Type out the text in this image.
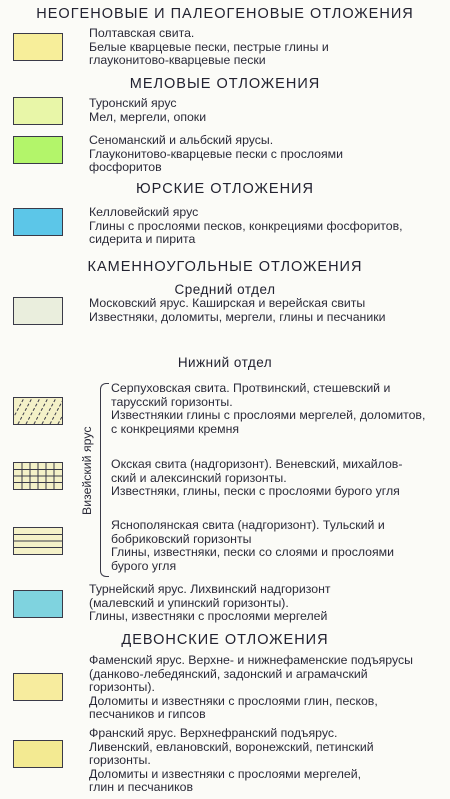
НЕОГЕНОВЫЕ И ПАЛЕОГЕНОВЫЕ ОТЛОЖЕНИЯ
МЕЛОВЫЕ ОТЛОЖЕНИЯ
ЮРСКИЕ ОТЛОЖЕНИЯ
КАМЕННОУГОЛЬНЫЕ ОТЛОЖЕНИЯ
Средний отдел
Нижний отдел
ДЕВОНСКИЕ ОТЛОЖЕНИЯ
Полтавская свита.
Белые кварцевые пески, пестрые глины и
глауконитово-кварцевые пески
Туронский ярус
Мел, мергели, опоки
Сеноманский и альбский ярусы.
Глауконитово-кварцевые пески с прослоями
фосфоритов
Келловейский ярус
Глины с прослоями песков, конкрециями фосфоритов,
сидерита и пирита
Московский ярус. Каширская и верейская свиты
Известняки, доломиты, мергели, глины и песчаники
Визейский ярус
Серпуховская свита. Протвинский, стешевский и
тарусский горизонты.
Известнякии глины с прослоями мергелей, доломитов,
с конкрециями кремня
Окская свита (надгоризонт). Веневский, михайлов-
ский и алексинский горизонты.
Известняки, глины, пески с прослоями бурого угля
Яснополянская свита (надгоризонт). Тульский и
бобриковский горизонты
Глины, известняки, пески со слоями и прослоями
бурого угля
Турнейский ярус. Лихвинский надгоризонт
(малевский и упинский горизонты).
Глины, известняки с прослоями мергелей
Фаменский ярус. Верхне- и нижнефаменские подъярусы
(данково-лебедянский, задонский и аграмачский
горизонты).
Доломиты и известняки с прослоями глин, песков,
песчаников и гипсов
Франский ярус. Верхнефранский подъярус.
Ливенский, евлановский, воронежский, петинский
горизонты.
Доломиты и известняки с прослоями мергелей,
глин и песчаников
